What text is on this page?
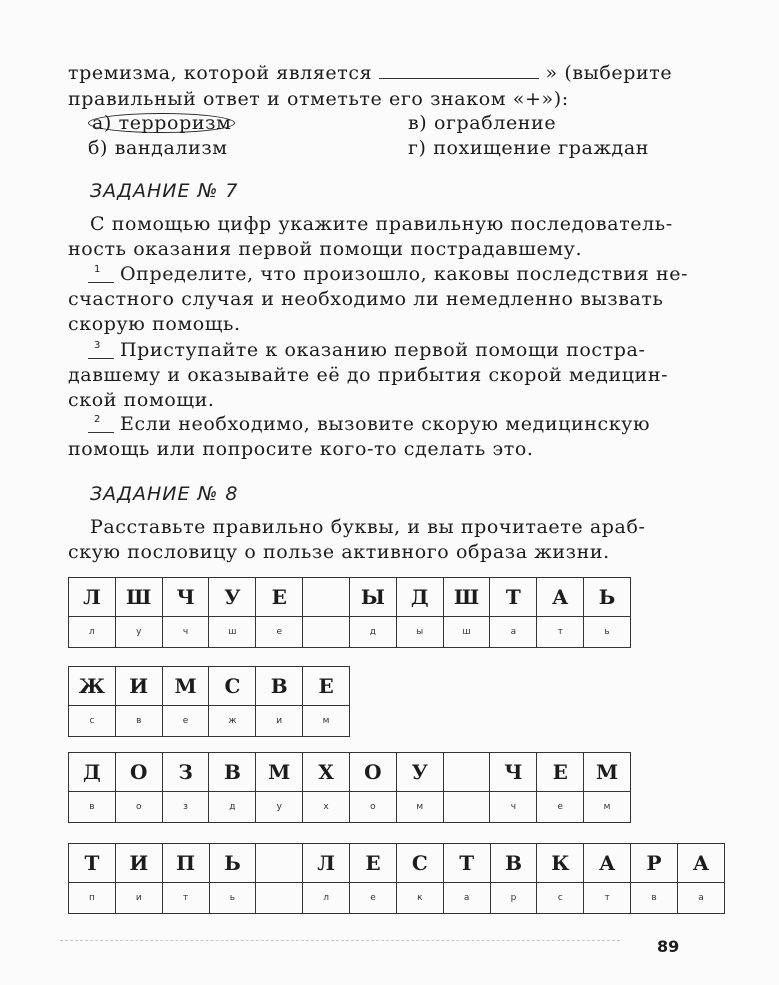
тремизма, которой является	» (выберите
правильный ответ и отметьте его знаком «+»):
а) терроризм	в) ограбление
б) вандализм	г) похищение граждан
ЗАДАНИЕ № 7
С помощью цифр укажите правильную последователь-
ность оказания первой помощи пострадавшему.
1 Определите, что произошло, каковы последствия не-
счастного случая и необходимо ли немедленно вызвать
скорую помощь.
3 Приступайте к оказанию первой помощи постра-
давшему и оказывайте её до прибытия скорой медицин-
ской помощи.
2 Если необходимо, вызовите скорую медицинскую
помощь или попросите кого-то сделать это.
ЗАДАНИЕ № 8
Расставьте правильно буквы, и вы прочитаете араб-
скую пословицу о пользе активного образа жизни.
Л	Ш	Ч	У	Е		Ы	Д	Ш	Т	А	Ь
л	у	ч	ш	е		д	ы	ш	а	т	ь
Ж	И	М	С	В	Е
с	в	е	ж	и	м
Д	О	З	В	М	Х	О	У		Ч	Е	М
в	о	з	д	у	х	о	м		ч	е	м
Т	И	П	Ь		Л	Е	С	Т	В	К	А	Р	А
п	и	т	ь		л	е	к	а	р	с	т	в	а
89
